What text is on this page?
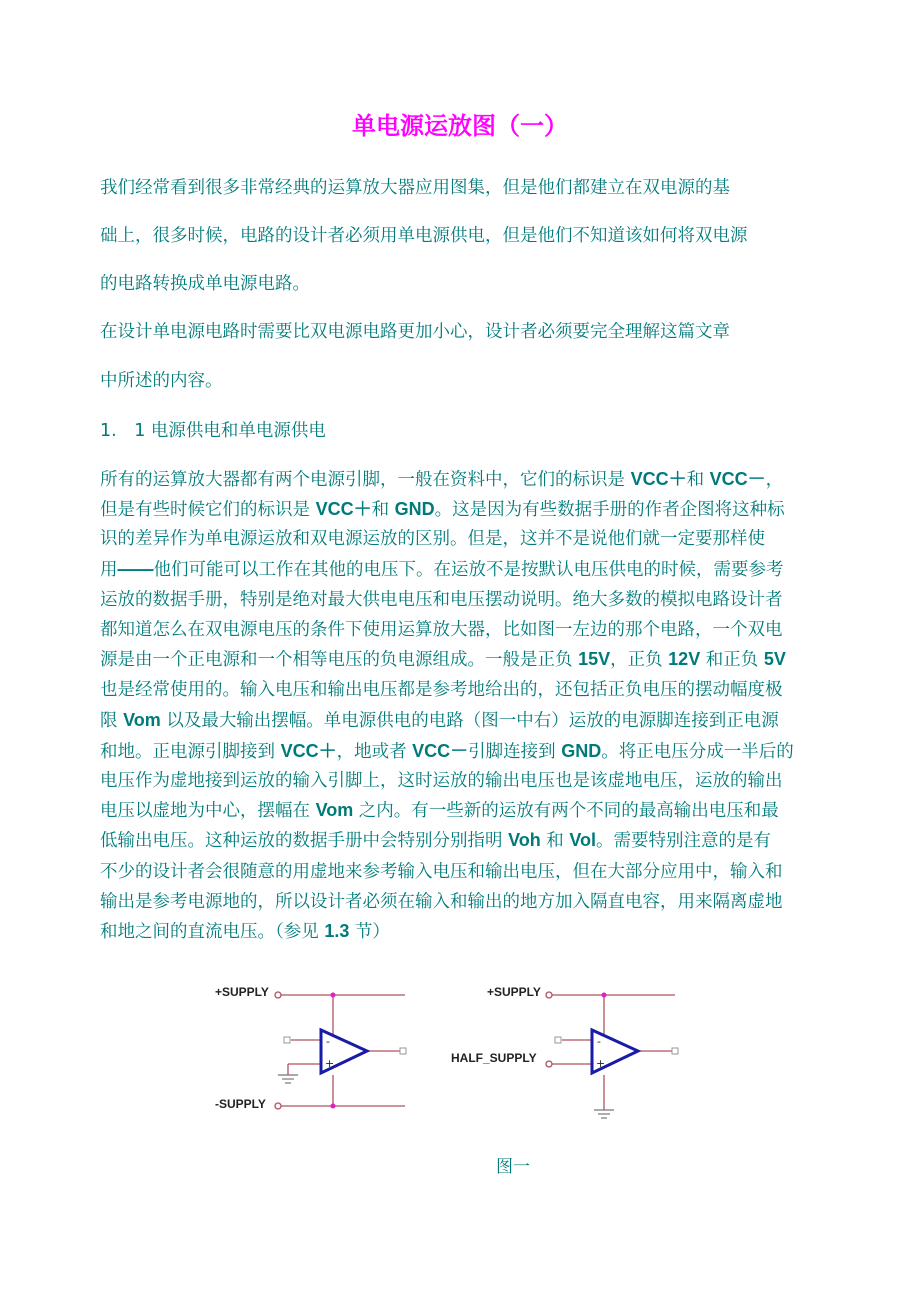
单电源运放图（一）
我们经常看到很多非常经典的运算放大器应用图集，但是他们都建立在双电源的基
础上，很多时候，电路的设计者必须用单电源供电，但是他们不知道该如何将双电源
的电路转换成单电源电路。
在设计单电源电路时需要比双电源电路更加小心，设计者必须要完全理解这篇文章
中所述的内容。
1.　1 电源供电和单电源供电
所有的运算放大器都有两个电源引脚，一般在资料中，它们的标识是 VCC＋和 VCC－，
但是有些时候它们的标识是 VCC＋和 GND。这是因为有些数据手册的作者企图将这种标
识的差异作为单电源运放和双电源运放的区别。但是，这并不是说他们就一定要那样使
用——他们可能可以工作在其他的电压下。在运放不是按默认电压供电的时候，需要参考
运放的数据手册，特别是绝对最大供电电压和电压摆动说明。绝大多数的模拟电路设计者
都知道怎么在双电源电压的条件下使用运算放大器，比如图一左边的那个电路，一个双电
源是由一个正电源和一个相等电压的负电源组成。一般是正负 15V，正负 12V 和正负 5V
也是经常使用的。输入电压和输出电压都是参考地给出的，还包括正负电压的摆动幅度极
限 Vom 以及最大输出摆幅。单电源供电的电路（图一中右）运放的电源脚连接到正电源
和地。正电源引脚接到 VCC＋，地或者 VCC－引脚连接到 GND。将正电压分成一半后的
电压作为虚地接到运放的输入引脚上，这时运放的输出电压也是该虚地电压，运放的输出
电压以虚地为中心，摆幅在 Vom 之内。有一些新的运放有两个不同的最高输出电压和最
低输出电压。这种运放的数据手册中会特别分别指明 Voh 和 Vol。需要特别注意的是有
不少的设计者会很随意的用虚地来参考输入电压和输出电压，但在大部分应用中，输入和
输出是参考电源地的，所以设计者必须在输入和输出的地方加入隔直电容，用来隔离虚地
和地之间的直流电压。（参见 1.3 节）
+SUPPLY
-SUPPLY
+SUPPLY
HALF_SUPPLY
-
+
-
+
图一
